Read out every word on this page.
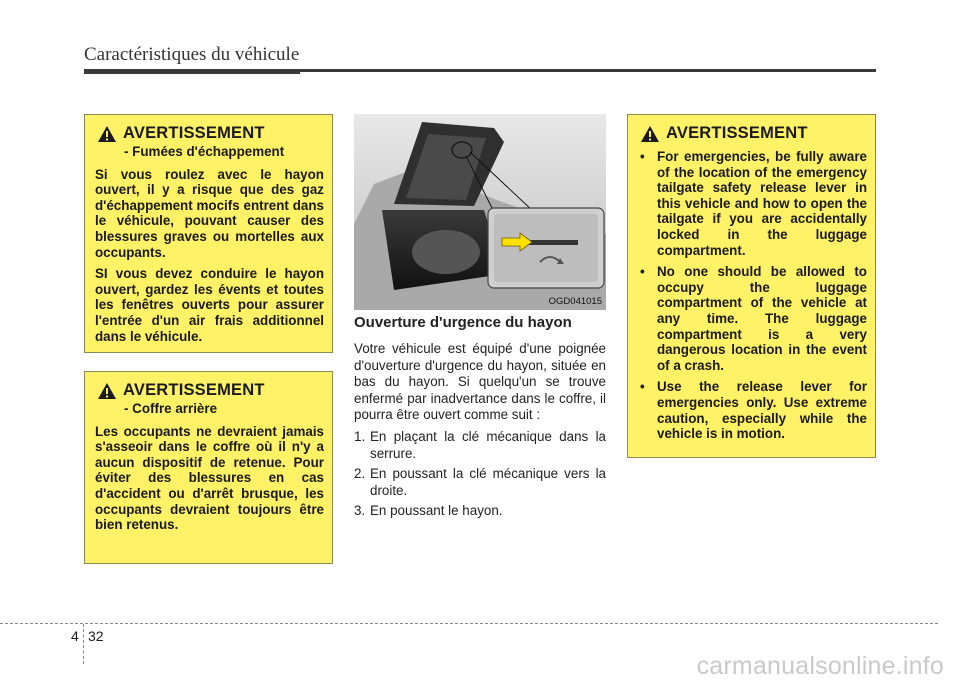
Caractéristiques du véhicule
AVERTISSEMENT
- Fumées d'échappement

Si vous roulez avec le hayon ouvert, il y a risque que des gaz d'échappement mocifs entrent dans le véhicule, pouvant causer des blessures graves ou mortelles aux occupants.

SI vous devez conduire le hayon ouvert, gardez les évents et toutes les fenêtres ouverts pour assurer l'entrée d'un air frais additionnel dans le véhicule.

AVERTISSEMENT
- Coffre arrière

Les occupants ne devraient jamais s'asseoir dans le coffre où il n'y a aucun dispositif de retenue. Pour éviter des blessures en cas d'accident ou d'arrêt brusque, les occupants devraient toujours être bien retenus.

OGD041015
Ouverture d'urgence du hayon

Votre véhicule est équipé d'une poignée d'ouverture d'urgence du hayon, située en bas du hayon. Si quelqu'un se trouve enfermé par inadvertance dans le coffre, il pourra être ouvert comme suit :

1. En plaçant la clé mécanique dans la serrure.
2. En poussant la clé mécanique vers la droite.
3. En poussant le hayon.
AVERTISSEMENT
• For emergencies, be fully aware of the location of the emergency tailgate safety release lever in this vehicle and how to open the tailgate if you are accidentally locked in the luggage compartment.
• No one should be allowed to occupy the luggage compartment of the vehicle at any time. The luggage compartment is a very dangerous location in the event of a crash.
• Use the release lever for emergencies only. Use extreme caution, especially while the vehicle is in motion.
4 32
carmanualsonline.info
